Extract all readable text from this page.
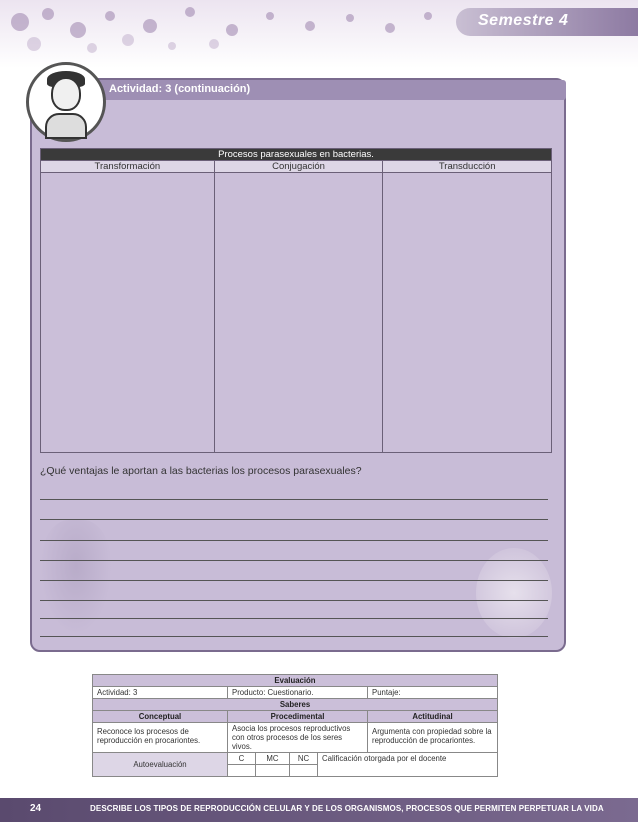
Semestre 4
Actividad: 3 (continuación)
Procesos parasexuales en bacterias.		
Transformación	Conjugación	Transducción

¿Qué ventajas le aportan a las bacterias los procesos parasexuales?
Evaluación					
Actividad: 3	Producto: Cuestionario.				Puntaje:
Saberes					
Conceptual	Procedimental				Actitudinal
Reconoce los procesos de reproducción en procariontes.	Asocia los procesos reproductivos con otros procesos de los seres vivos.				Argumenta con propiedad sobre la reproducción de procariontes.
Autoevaluación	C	MC	NC	Calificación otorgada por el docente	

24	DESCRIBE LOS TIPOS DE REPRODUCCIÓN CELULAR Y DE LOS ORGANISMOS, PROCESOS QUE PERMITEN PERPETUAR LA VIDA
